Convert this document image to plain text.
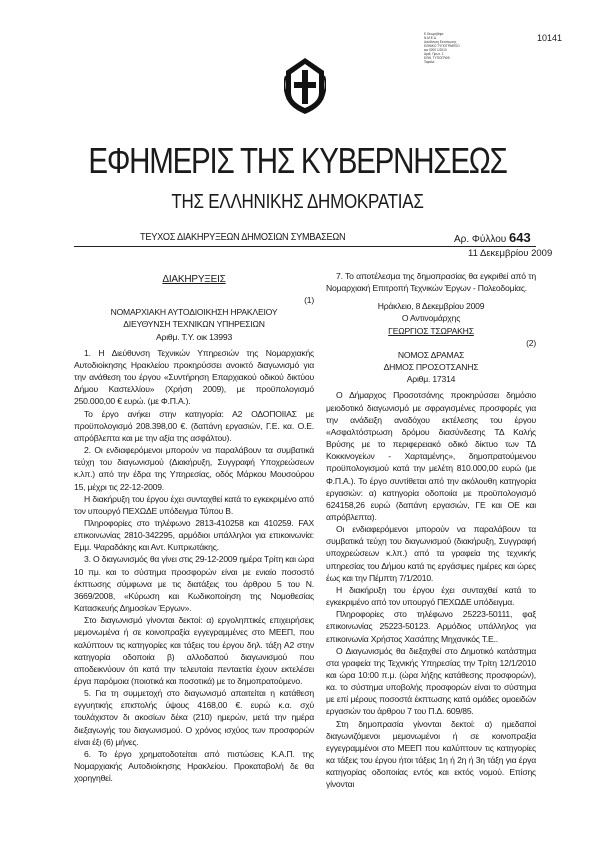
Ε.Θεωρήθηκε
Ν.Μ.Ε.Δ.
Διεύθυνση Εκτύπωσης
ΕΘΝΙΚΟ ΤΥΠΟΓΡΑΦΕΙΟ
και 0200 1/2010
Αριθ. Πρωτ. 1
ΕΘΝ. ΤΥΠΟΓΡΑΦ.
Τεφαλά
10141
ΕΦΗΜΕΡΙΣ ΤΗΣ ΚΥΒΕΡΝΗΣΕΩΣ
ΤΗΣ ΕΛΛΗΝΙΚΗΣ ΔΗΜΟΚΡΑΤΙΑΣ
ΤΕΥΧΟΣ ΔΙΑΚΗΡΥΞΕΩΝ ΔΗΜΟΣΙΩΝ ΣΥΜΒΑΣΕΩΝ	Αρ. Φύλλου 643
11 Δεκεμβρίου 2009

ΔΙΑΚΗΡΥΞΕΙΣ

(1)

ΝΟΜΑΡΧΙΑΚΗ ΑΥΤΟΔΙΟΙΚΗΣΗ ΗΡΑΚΛΕΙΟΥ

ΔΙΕΥΘΥΝΣΗ ΤΕΧΝΙΚΩΝ ΥΠΗΡΕΣΙΩΝ

Αριθμ. Τ.Υ. οικ 13993

1. Η Διεύθυνση Τεχνικών Υπηρεσιών της Νομαρχιακής Αυτοδιοίκησης Ηρακλείου προκηρύσσει ανοικτό διαγωνισμό για την ανάθεση του έργου «Συντήρηση Επαρχιακού οδικού δικτύου Δήμου Καστελλίου» (Χρήση 2009), με προϋπολογισμό 250.000,00 € ευρώ. (με Φ.Π.Α.).

Το έργο ανήκει στην κατηγορία: Α2 ΟΔΟΠΟΙΙΑΣ με προϋπολογισμό 208.398,00 €. (δαπάνη εργασιών, Γ.Ε. κα. Ο.Ε. απρόβλεπτα και με την αξία της ασφάλτου).

2. Οι ενδιαφερόμενοι μπορούν να παραλάβουν τα συμβατικά τεύχη του διαγωνισμού (Διακήρυξη, Συγγραφή Υποχρεώσεων κ.λπ.) από την έδρα της Υπηρεσίας, οδός Μάρκου Μουσούρου 15, μέχρι τις 22-12-2009.

Η διακήρυξη του έργου έχει συνταχθεί κατά το εγκεκριμένο από τον υπουργό ΠΕΧΩΔΕ υπόδειγμα Τύπου Β.

Πληροφορίες στο τηλέφωνο 2813-410258 και 410259. FAX επικοινωνίας 2810-342295, αρμόδιοι υπάλληλοι για επικοινωνία: Εμμ. Ψαραδάκης και Αντ. Κυπριωτάκης.

3. Ο διαγωνισμός θα γίνει στις 29-12-2009 ημέρα Τρίτη και ώρα 10 πμ. και το σύστημα προσφορών είναι με ενιαίο ποσοστό έκπτωσης σύμφωνα με τις διατάξεις του άρθρου 5 του Ν. 3669/2008, «Κύρωση και Κωδικοποίηση της Νομοθεσίας Κατασκευής Δημοσίων Έργων».

Στο διαγωνισμό γίνονται δεκτοί: α) εργοληπτικές επιχειρήσεις μεμονωμένα ή σε κοινοπραξία εγγεγραμμένες στο ΜΕΕΠ, που καλύπτουν τις κατηγορίες και τάξεις του έργου δηλ. τάξη Α2 στην κατηγορία οδοποιία β) αλλοδαπού διαγωνισμού που αποδεικνύουν ότι κατά την τελευταία πενταετία έχουν εκτελέσει έργα παρόμοια (ποιοτικά και ποσοτικά) με το δημοπρατούμενο.

5. Για τη συμμετοχή στο διαγωνισμό απαιτείται η κατάθεση εγγυητικής επιστολής ύψους 4168,00 €. ευρώ κ.α. σχύ τουλάχιστον δι ακοσίων δέκα (210) ημερών, μετά την ημέρα διεξαγωγής του διαγωνισμού. Ο χρόνος ισχύος των προσφορών είναι έξι (6) μήνες.

6. Το έργο χρηματοδοτείται από πιστώσεις Κ.Α.Π. της Νομαρχιακής Αυτοδιοίκησης Ηρακλείου. Προκαταβολή δε θα χορηγηθεί.

7. Το αποτέλεσμα της δημοπρασίας θα εγκριθεί από τη Νομαρχιακή Επιτροπή Τεχνικών Έργων - Πολεοδομίας.

Ηράκλειο, 8 Δεκεμβρίου 2009

Ο Αντινομάρχης

ΓΕΩΡΓΙΟΣ ΤΣΩΡΑΚΗΣ

(2)

ΝΟΜΟΣ ΔΡΑΜΑΣ

ΔΗΜΟΣ ΠΡΟΣΟΤΣΑΝΗΣ

Αριθμ. 17314

Ο Δήμαρχος Προσοτσάνης προκηρύσσει δημόσιο μειοδοτικό διαγωνισμό με σφραγισμένες προσφορές για την ανάδειξη αναδόχου εκτέλεσης του έργου «Ασφαλτόστρωση δρόμου διασύνδεσης ΤΔ Καλής Βρύσης με το περιφερειακό οδικό δίκτυο των ΤΔ Κοκκινογείων - Χαρταμένης», δημοπρατούμενου προϋπολογισμού κατά την μελέτη 810.000,00 ευρώ (με Φ.Π.Α.). Το έργο συντίθεται από την ακόλουθη κατηγορία εργασιών: α) κατηγορία οδοποιία με προϋπολογισμό 624158,26 ευρώ (δαπάνη εργασιών, ΓΕ και ΟΕ και απρόβλεπτα).

Οι ενδιαφερόμενοι μπορούν να παραλάβουν τα συμβατικά τεύχη του διαγωνισμού (διακήρυξη, Συγγραφή υποχρεώσεων κ.λπ.) από τα γραφεία της τεχνικής υπηρεσίας του Δήμου κατά τις εργάσιμες ημέρες και ώρες έως και την Πέμπτη 7/1/2010.

Η διακήρυξη του έργου έχει συνταχθεί κατά το εγκεκριμένο από τον υπουργό ΠΕΧΩΔΕ υπόδειγμα.

Πληροφορίες στο τηλέφωνο 25223-50111, φαξ επικοινωνίας 25223-50123. Αρμόδιος υπάλληλος για επικοινωνία Χρήστος Χασάπης Μηχανικός Τ.Ε..

Ο Διαγωνισμός θα διεξαχθεί στο Δημοτικό κατάστημα στα γραφεία της Τεχνικής Υπηρεσίας την Τρίτη 12/1/2010 και ώρα 10:00 π.μ. (ώρα λήξης κατάθεσης προσφορών), κα. το σύστημα υποβολής προσφορών είναι το σύστημα με επί μέρους ποσοστά έκπτωσης κατά ομάδες ομοειδών εργασιών του άρθρου 7 του Π.Δ. 609/85.

Στη δημοπρασία γίνονται δεκτοί: α) ημεδαποί διαγωνιζόμενοι μεμονωμένοι ή σε κοινοπραξία εγγεγραμμένοι στο ΜΕΕΠ που καλύπτουν τις κατηγορίες κα τάξεις του έργου ήτοι τάξεις 1η ή 2η ή 3η τάξη για έργα κατηγορίας οδοποιίας εντός και εκτός νομού. Επίσης γίνονται
